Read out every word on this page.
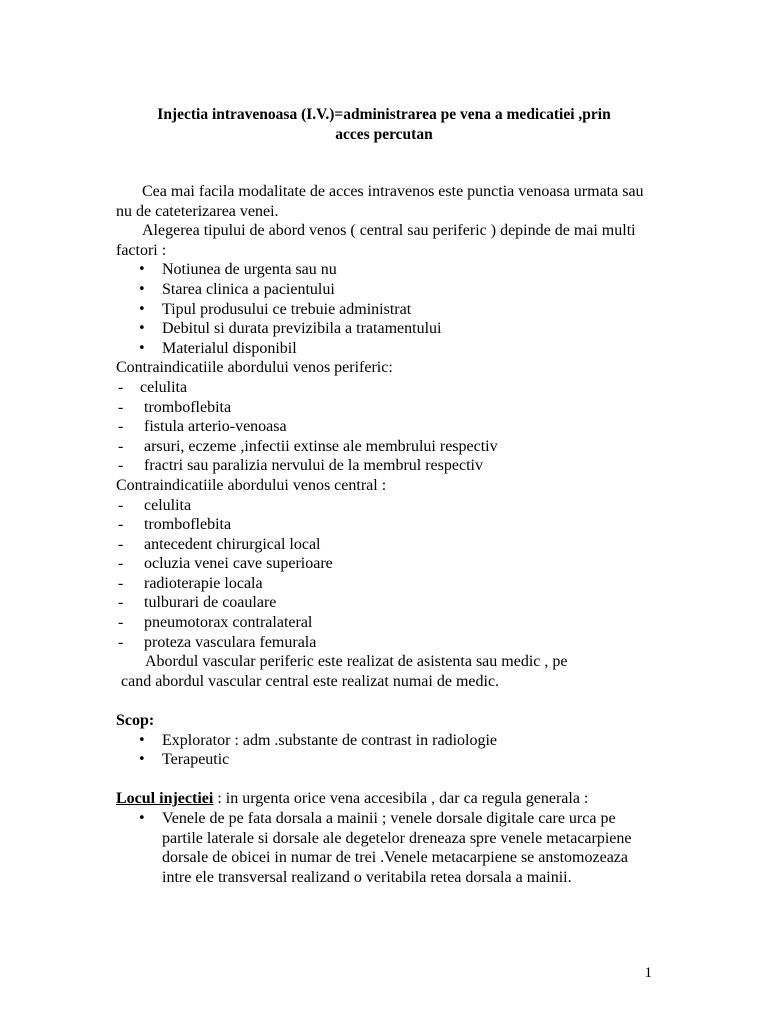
Injectia intravenoasa (I.V.)=administrarea pe vena a medicatiei ,prin
acces percutan

Cea mai facila modalitate de acces intravenos este punctia venoasa urmata sau nu de cateterizarea venei.

Alegerea tipului de abord venos ( central sau periferic ) depinde de mai multi factori :

• Notiunea de urgenta sau nu
• Starea clinica a pacientului
• Tipul produsului ce trebuie administrat
• Debitul si durata previzibila a tratamentului
• Materialul disponibil

Contraindicatiile abordului venos periferic:

- celulita
- tromboflebita
- fistula arterio-venoasa
- arsuri, eczeme ,infectii extinse ale membrului respectiv
- fractri sau paralizia nervului de la membrul respectiv

Contraindicatiile abordului venos central :

- celulita
- tromboflebita
- antecedent chirurgical local
- ocluzia venei cave superioare
- radioterapie locala
- tulburari de coaulare
- pneumotorax contralateral
- proteza vasculara femurala

Abordul vascular periferic este realizat de asistenta sau medic , pe
cand abordul vascular central este realizat numai de medic.

Scop:

• Explorator : adm .substante de contrast in radiologie
• Terapeutic

Locul injectiei : in urgenta orice vena accesibila , dar ca regula generala :

• Venele de pe fata dorsala a mainii ; venele dorsale digitale care urca pe partile laterale si dorsale ale degetelor dreneaza spre venele metacarpiene dorsale de obicei in numar de trei .Venele metacarpiene se anstomozeaza intre ele transversal realizand o veritabila retea dorsala a mainii.
1
